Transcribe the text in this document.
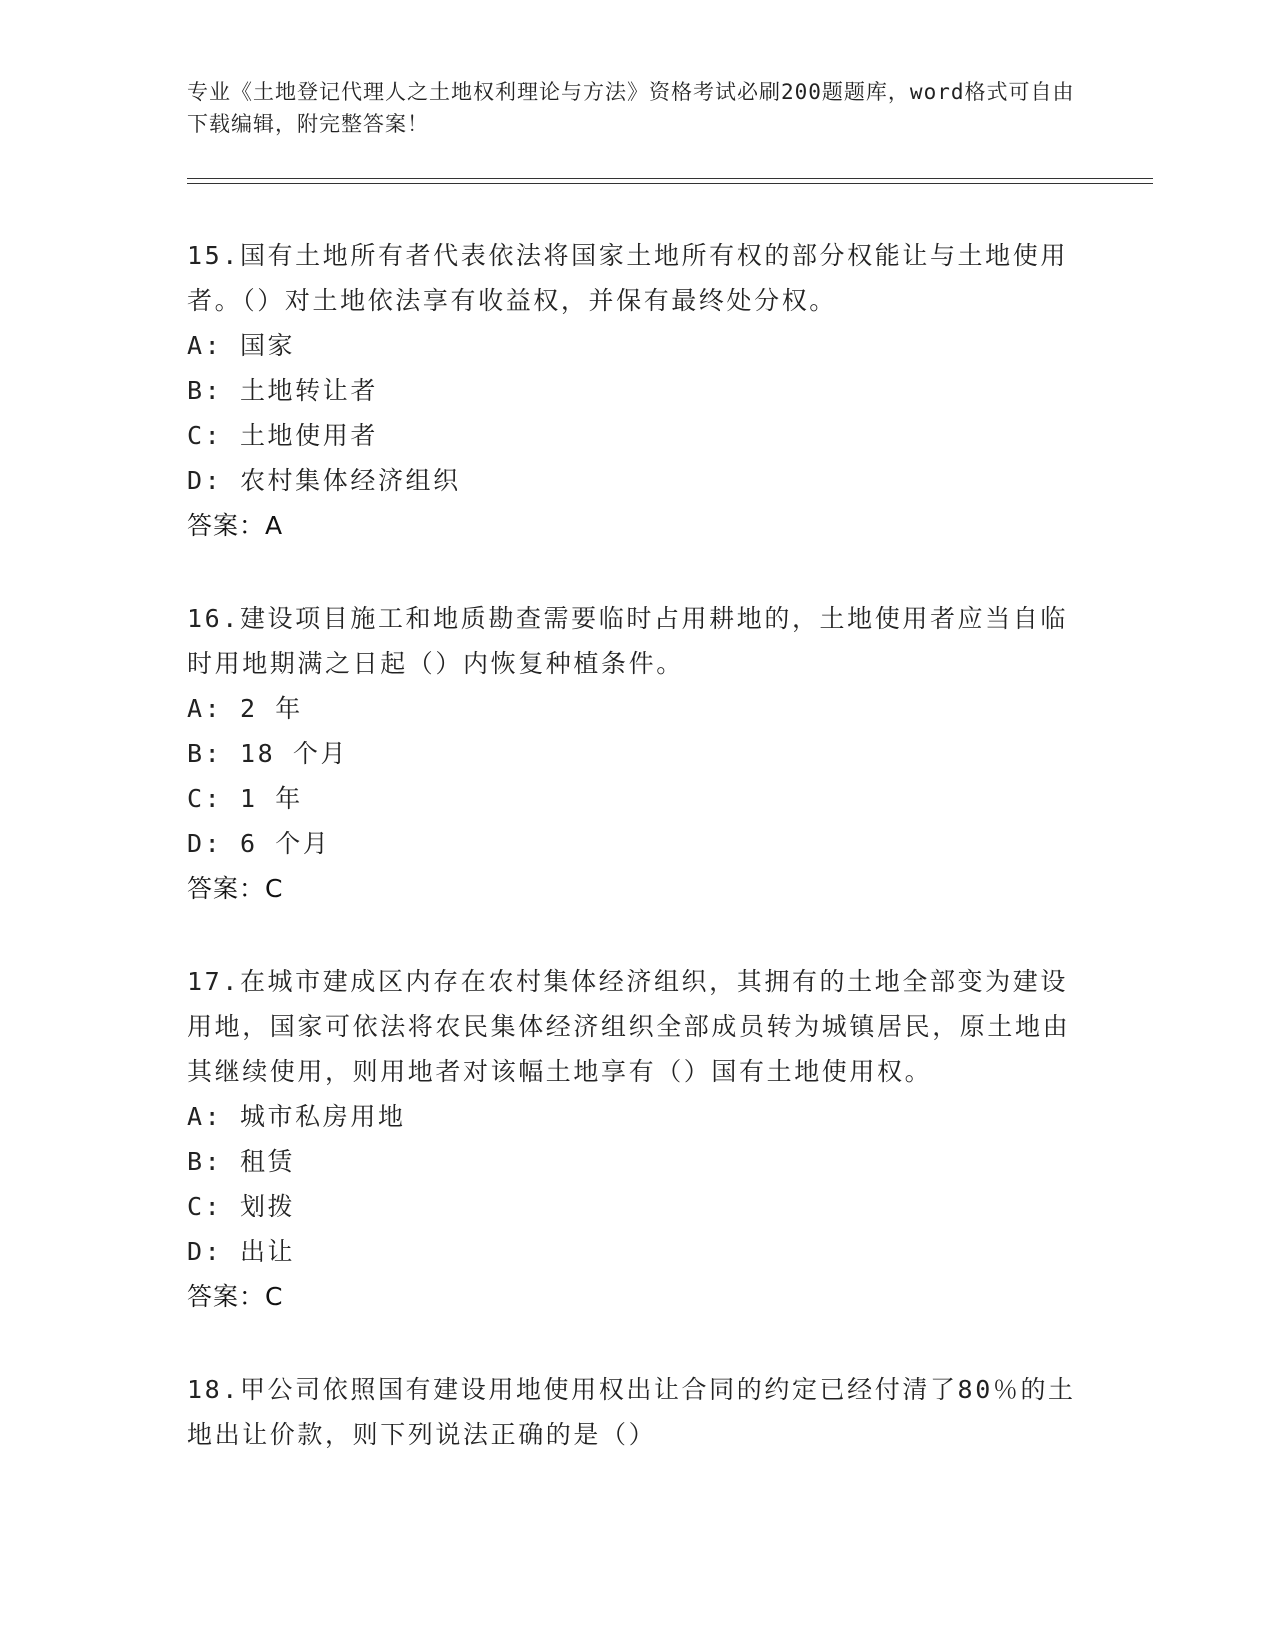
专业《土地登记代理人之土地权利理论与方法》资格考试必刷200题题库，word格式可自由下载编辑，附完整答案！
15.国有土地所有者代表依法将国家土地所有权的部分权能让与土地使用者。（）对土地依法享有收益权，并保有最终处分权。
A: 国家
B: 土地转让者
C: 土地使用者
D: 农村集体经济组织
答案：A
16.建设项目施工和地质勘查需要临时占用耕地的，土地使用者应当自临时用地期满之日起（）内恢复种植条件。
A: 2 年
B: 18 个月
C: 1 年
D: 6 个月
答案：C
17.在城市建成区内存在农村集体经济组织，其拥有的土地全部变为建设用地，国家可依法将农民集体经济组织全部成员转为城镇居民，原土地由其继续使用，则用地者对该幅土地享有（）国有土地使用权。
A: 城市私房用地
B: 租赁
C: 划拨
D: 出让
答案：C
18.甲公司依照国有建设用地使用权出让合同的约定已经付清了80％的土地出让价款，则下列说法正确的是（）
